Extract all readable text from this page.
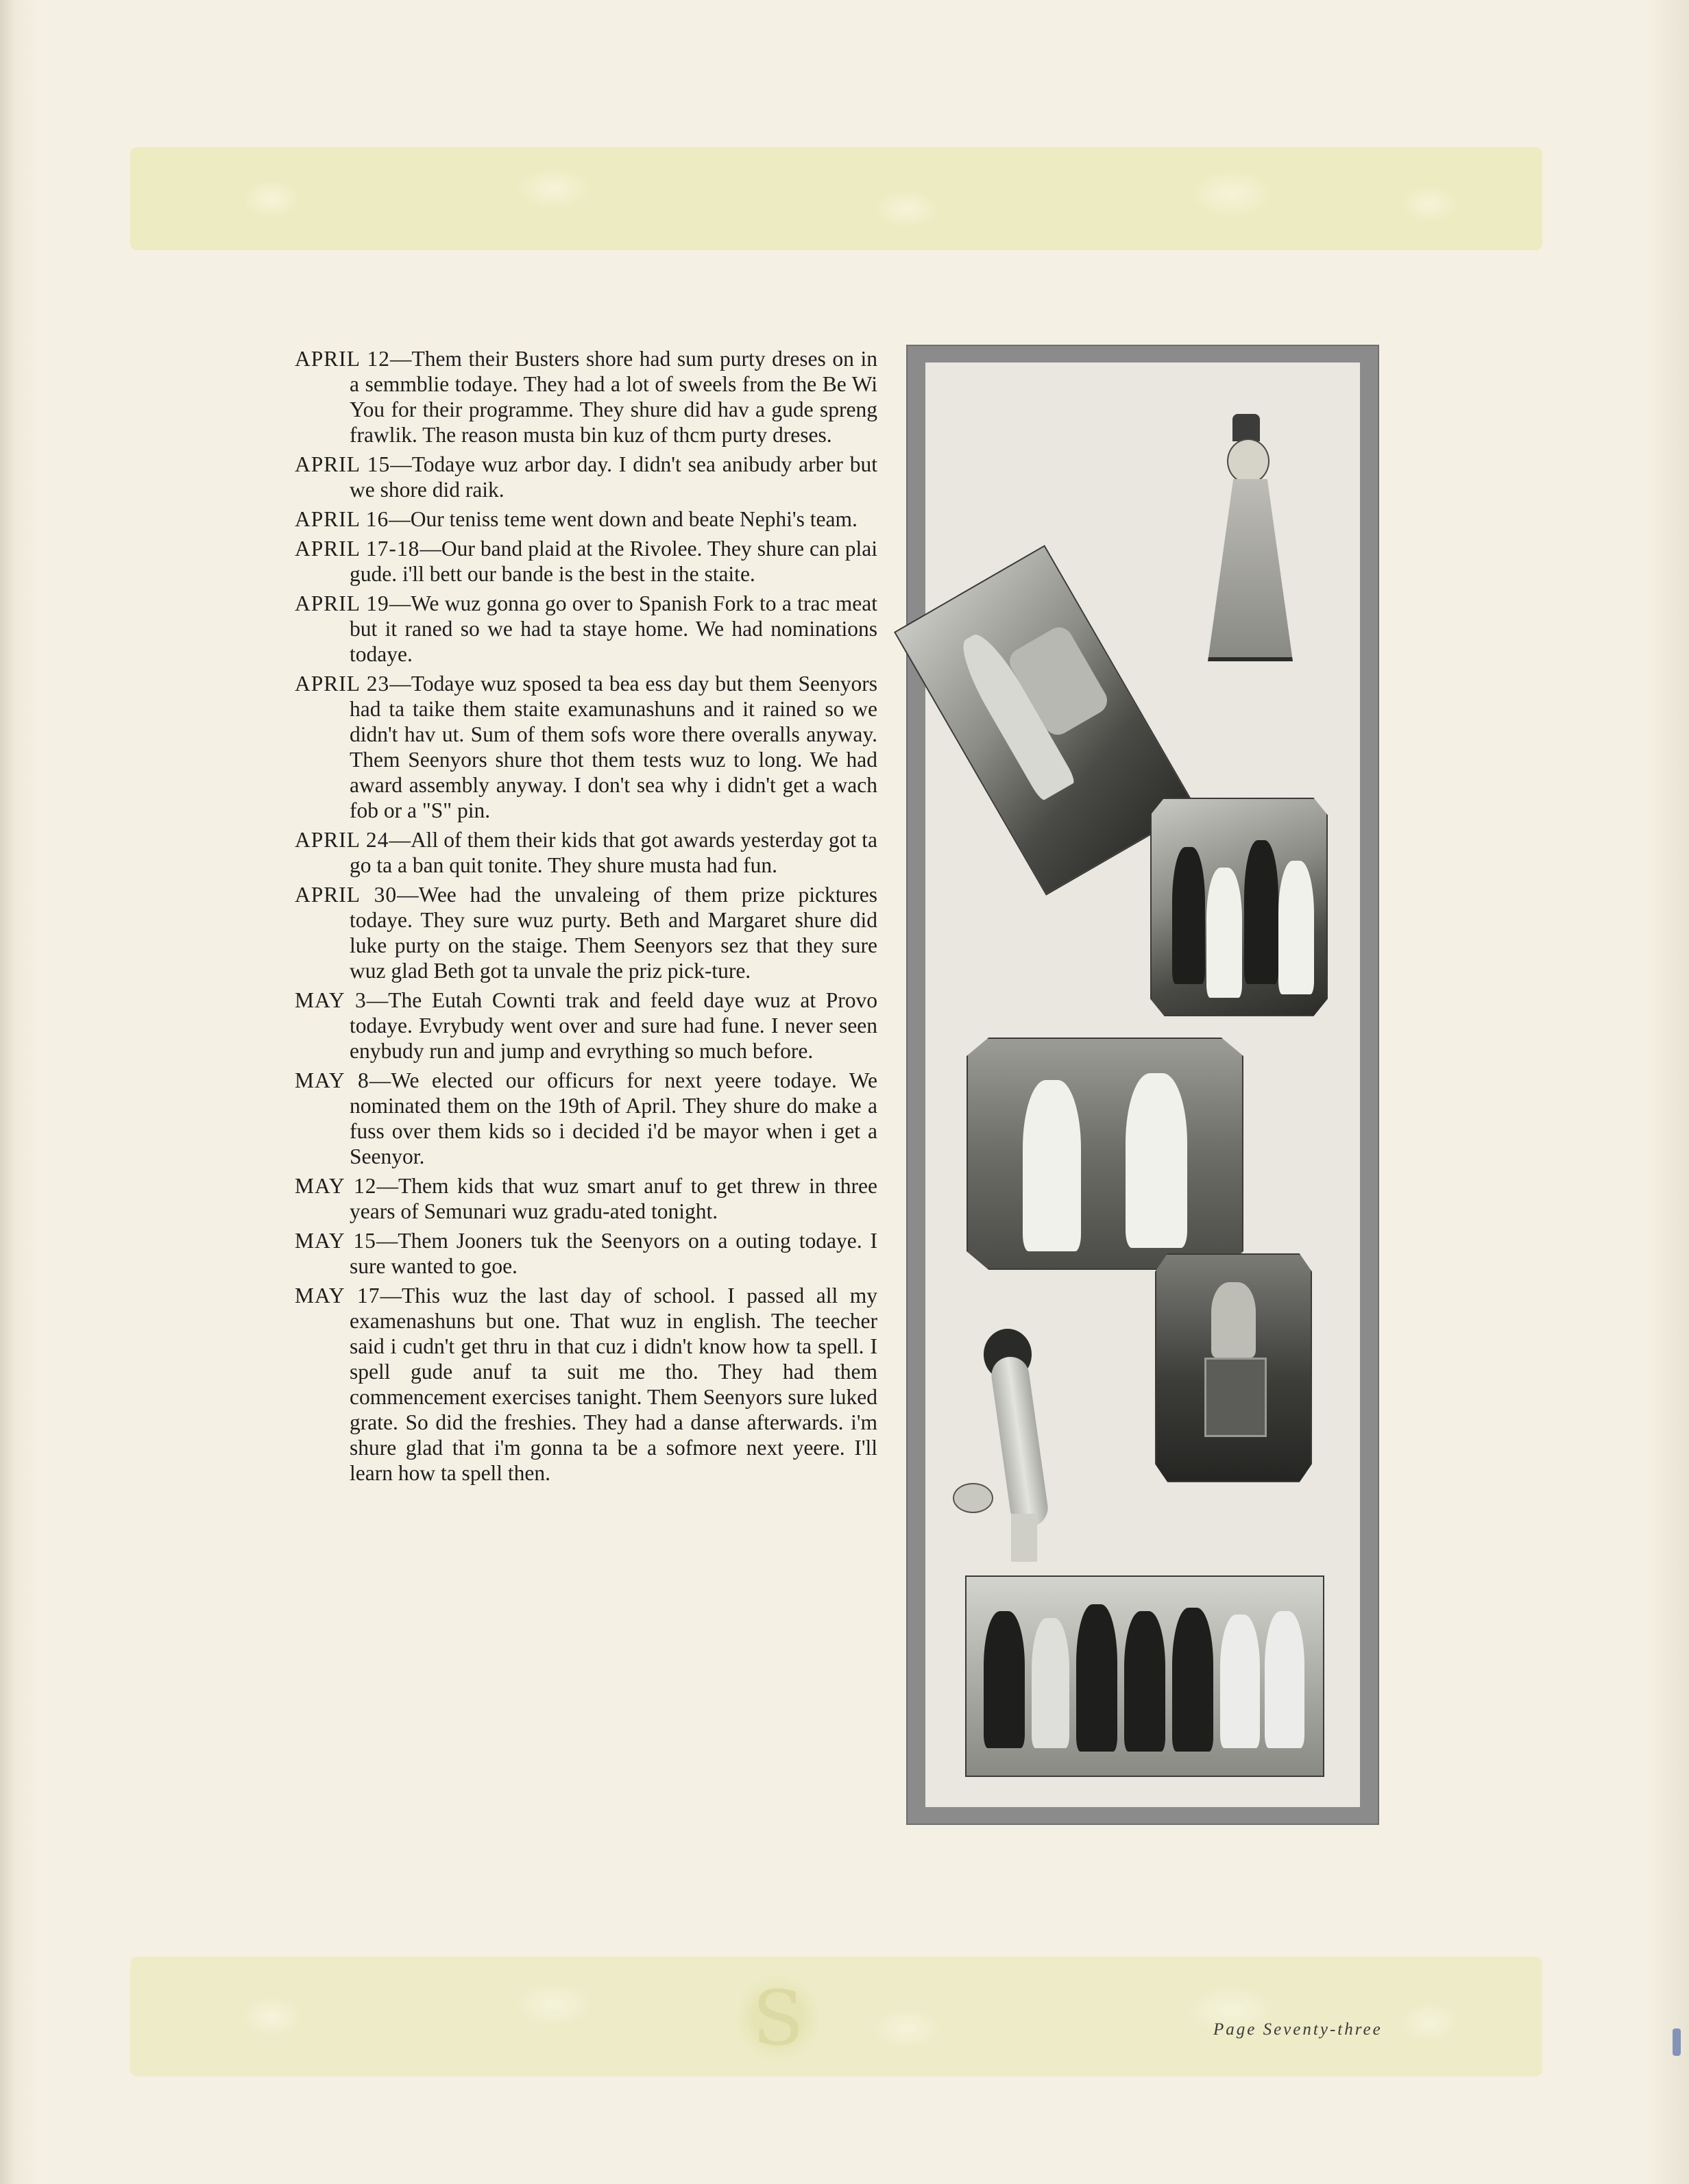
APRIL 12—Them their Busters shore had sum purty dreses on in a semmblie todaye. They had a lot of sweels from the Be Wi You for their programme. They shure did hav a gude spreng frawlik. The reason musta bin kuz of thcm purty dreses.

APRIL 15—Todaye wuz arbor day. I didn't sea anibudy arber but we shore did raik.

APRIL 16—Our teniss teme went down and beate Nephi's team.

APRIL 17-18—Our band plaid at the Rivolee. They shure can plai gude. i'll bett our bande is the best in the staite.

APRIL 19—We wuz gonna go over to Spanish Fork to a trac meat but it raned so we had ta staye home. We had nominations todaye.

APRIL 23—Todaye wuz sposed ta bea ess day but them Seenyors had ta taike them staite examunashuns and it rained so we didn't hav ut. Sum of them sofs wore there overalls anyway. Them Seenyors shure thot them tests wuz to long. We had award assembly anyway. I don't sea why i didn't get a wach fob or a "S" pin.

APRIL 24—All of them their kids that got awards yesterday got ta go ta a ban quit tonite. They shure musta had fun.

APRIL 30—Wee had the unvaleing of them prize picktures todaye. They sure wuz purty. Beth and Margaret shure did luke purty on the staige. Them Seenyors sez that they sure wuz glad Beth got ta unvale the priz pick-ture.

MAY 3—The Eutah Cownti trak and feeld daye wuz at Provo todaye. Evrybudy went over and sure had fune. I never seen enybudy run and jump and evrything so much before.

MAY 8—We elected our officurs for next yeere todaye. We nominated them on the 19th of April. They shure do make a fuss over them kids so i decided i'd be mayor when i get a Seenyor.

MAY 12—Them kids that wuz smart anuf to get threw in three years of Semunari wuz gradu-ated tonight.

MAY 15—Them Jooners tuk the Seenyors on a outing todaye. I sure wanted to goe.

MAY 17—This wuz the last day of school. I passed all my examenashuns but one. That wuz in english. The teecher said i cudn't get thru in that cuz i didn't know how ta spell. I spell gude anuf ta suit me tho. They had them commencement exercises tanight. Them Seenyors sure luked grate. So did the freshies. They had a danse afterwards. i'm shure glad that i'm gonna ta be a sofmore next yeere. I'll learn how ta spell then.

S	Page Seventy-three
